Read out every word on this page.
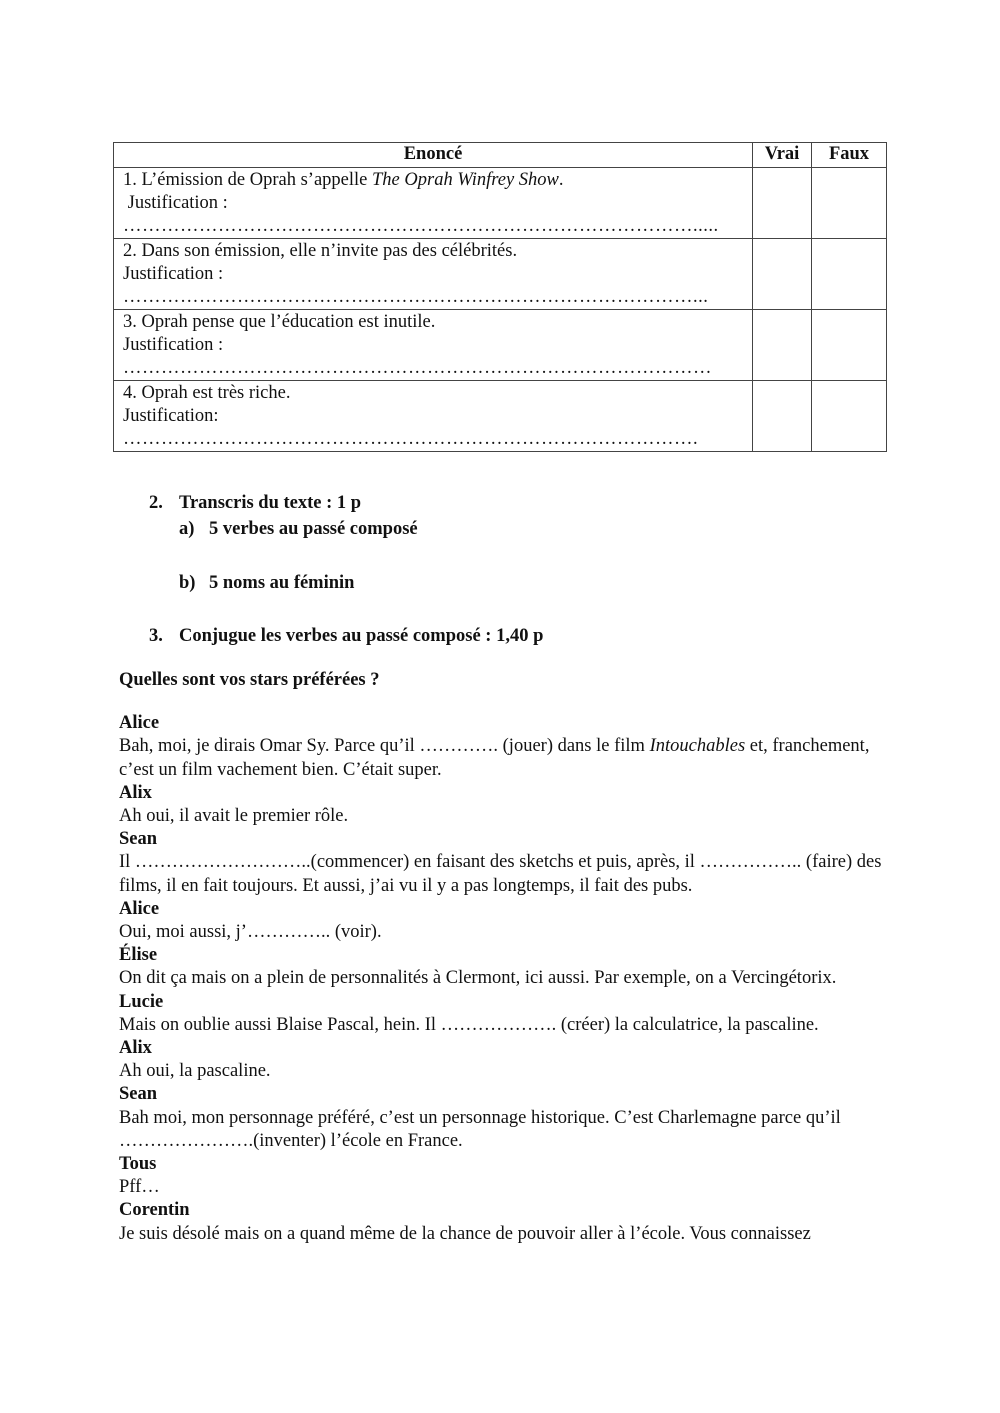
Enoncé	Vrai	Faux

1. L’émission de Oprah s’appelle The Oprah Winfrey Show.
Justification :
……………………………………………………………………………….....		

2. Dans son émission, elle n’invite pas des célébrités.
Justification :
………………………………………………………………………………...		

3. Oprah pense que l’éducation est inutile.
Justification :
…………………………………………………………………………………		

4. Oprah est très riche.
Justification:
……………………………………………………………………………….		

2. Transcris du texte : 1 p
a) 5 verbes au passé composé
b) 5 noms au féminin
3. Conjugue les verbes au passé composé : 1,40 p
Quelles sont vos stars préférées ?
Alice
Bah, moi, je dirais Omar Sy. Parce qu’il …………. (jouer) dans le film Intouchables et, franchement, c’est un film vachement bien. C’était super.
Alix
Ah oui, il avait le premier rôle.
Sean
Il ………………………..(commencer) en faisant des sketchs et puis, après, il …………….. (faire) des films, il en fait toujours. Et aussi, j’ai vu il y a pas longtemps, il fait des pubs.
Alice
Oui, moi aussi, j’………….. (voir).
Élise
On dit ça mais on a plein de personnalités à Clermont, ici aussi. Par exemple, on a Vercingétorix.
Lucie
Mais on oublie aussi Blaise Pascal, hein. Il ………………. (créer) la calculatrice, la pascaline.
Alix
Ah oui, la pascaline.
Sean
Bah moi, mon personnage préféré, c’est un personnage historique. C’est Charlemagne parce qu’il ………………….(inventer) l’école en France.
Tous
Pff…
Corentin
Je suis désolé mais on a quand même de la chance de pouvoir aller à l’école. Vous connaissez
